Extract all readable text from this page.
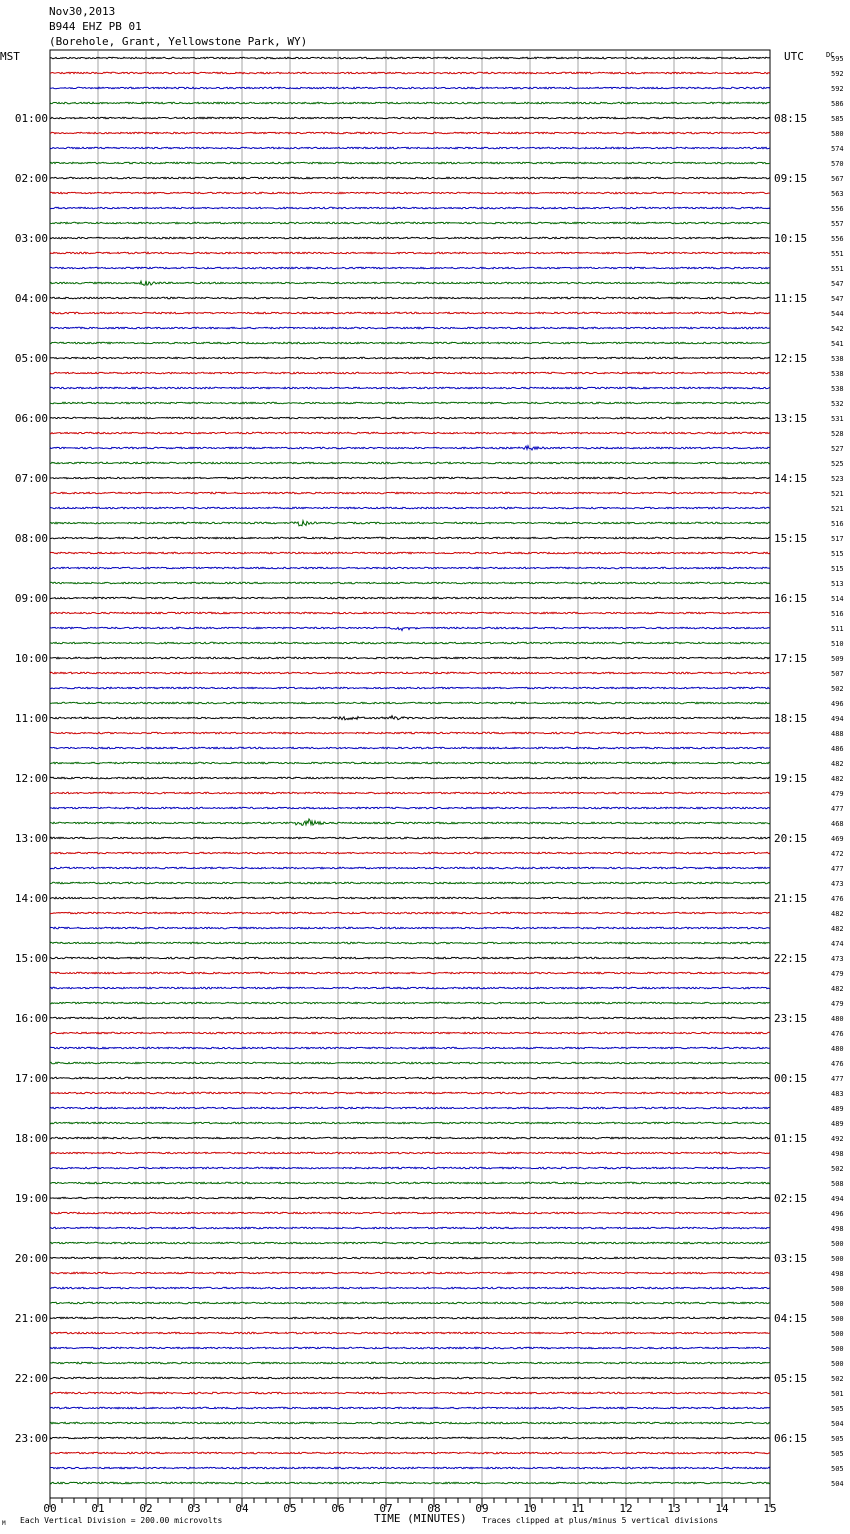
Nov30,2013
B944 EHZ PB 01
(Borehole, Grant, Yellowstone Park, WY)
MST	UTC	DC
TIME (MINUTES)
Each Vertical Division = 200.00 microvolts	Traces clipped at plus/minus 5 vertical divisions
M
595
592
592
586
585
01:00	08:15
580
574
570
567
02:00	09:15
563
556
557
556
03:00	10:15
551
551
547
547
04:00	11:15
544
542
541
538
05:00	12:15
538
538
532
531
06:00	13:15
528
527
525
523
07:00	14:15
521
521
516
517
08:00	15:15
515
515
513
514
09:00	16:15
516
511
510
509
10:00	17:15
507
502
496
494
11:00	18:15
488
486
482
482
12:00	19:15
479
477
468
469
13:00	20:15
472
477
473
476
14:00	21:15
482
482
474
473
15:00	22:15
479
482
479
480
16:00	23:15
476
480
476
477
17:00	00:15
483
489
489
492
18:00	01:15
498
502
508
494
19:00	02:15
496
498
500
500
20:00	03:15
498
500
500
500
21:00	04:15
500
500
500
502
22:00	05:15
501
505
504
505
23:00	06:15
505
505
504
00	01	02	03	04	05	06	07	08	09	10	11	12	13	14	15
